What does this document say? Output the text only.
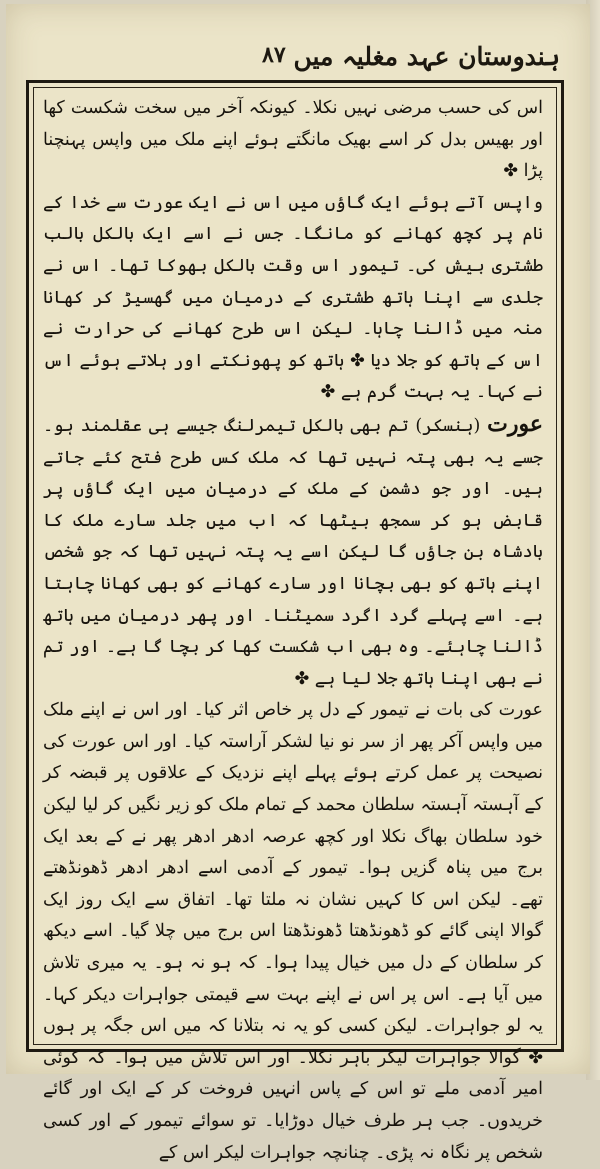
ہندوستان عہد مغلیہ میں
۸۷

اس کی حسب مرضی نہیں نکلا۔ کیونکہ آخر میں سخت شکست کھا اور بھیس بدل کر اسے بھیک مانگتے ہوئے اپنے ملک میں واپس پہنچنا پڑا ✤

واپس آتے ہوئے ایک گاؤں میں اس نے ایک عورت سے خدا کے نام پر کچھ کھانے کو مانگا۔ جس نے اسے ایک بالکل بالب طشتری بیش کی۔ تیمور اس وقت بالکل بھوکا تھا۔ اس نے جلدی سے اپنا ہاتھ طشتری کے درمیان میں گھسیڑ کر کھانا منہ میں ڈالنا چاہا۔ لیکن اس طرح کھانے کی حرارت نے اس کے ہاتھ کو جلا دیا ✤ ہاتھ کو پھونکتے اور ہلاتے ہوئے اس نے کہا۔ یہ بہت گرم ہے ✤

عورت (ہنسکر) تم بھی بالکل تیمرلنگ جیسے ہی عقلمند ہو۔ جسے یہ بھی پتہ نہیں تھا کہ ملک کس طرح فتح کئے جاتے ہیں۔ اور جو دشمن کے ملک کے درمیان میں ایک گاؤں پر قابض ہو کر سمجھ بیٹھا کہ اب میں جلد سارے ملک کا بادشاہ بن جاؤں گا لیکن اسے یہ پتہ نہیں تھا کہ جو شخص اپنے ہاتھ کو بھی بچانا اور سارے کھانے کو بھی کھانا چاہتا ہے۔ اسے پہلے گرد اگرد سمیٹنا۔ اور پھر درمیان میں ہاتھ ڈالنا چاہئے۔ وہ بھی اب شکست کھا کر بچا گا ہے۔ اور تم نے بھی اپنا ہاتھ جلا لیا ہے ✤

عورت کی بات نے تیمور کے دل پر خاص اثر کیا۔ اور اس نے اپنے ملک میں واپس آکر پھر از سر نو نیا لشکر آراستہ کیا۔ اور اس عورت کی نصیحت پر عمل کرتے ہوئے پہلے اپنے نزدیک کے علاقوں پر قبضہ کر کے آہستہ آہستہ سلطان محمد کے تمام ملک کو زیر نگیں کر لیا لیکن خود سلطان بھاگ نکلا اور کچھ عرصہ ادھر ادھر پھر نے کے بعد ایک برج میں پناہ گزیں ہوا۔ تیمور کے آدمی اسے ادھر ادھر ڈھونڈھتے تھے۔ لیکن اس کا کہیں نشان نہ ملتا تھا۔ اتفاق سے ایک روز ایک گوالا اپنی گائے کو ڈھونڈھتا ڈھونڈھتا اس برج میں چلا گیا۔ اسے دیکھ کر سلطان کے دل میں خیال پیدا ہوا۔ کہ ہو نہ ہو۔ یہ میری تلاش میں آیا ہے۔ اس پر اس نے اپنے بہت سے قیمتی جواہرات دیکر کہا۔ یہ لو جواہرات۔ لیکن کسی کو یہ نہ بتلانا کہ میں اس جگہ پر ہوں ✤ گوالا جواہرات لیکر باہر نکلا۔ اور اس تلاش میں ہوا۔ کہ کوئی امیر آدمی ملے تو اس کے پاس انہیں فروخت کر کے ایک اور گائے خریدوں۔ جب ہر طرف خیال دوڑایا۔ تو سوائے تیمور کے اور کسی شخص پر نگاہ نہ پڑی۔ چنانچہ جواہرات لیکر اس کے
